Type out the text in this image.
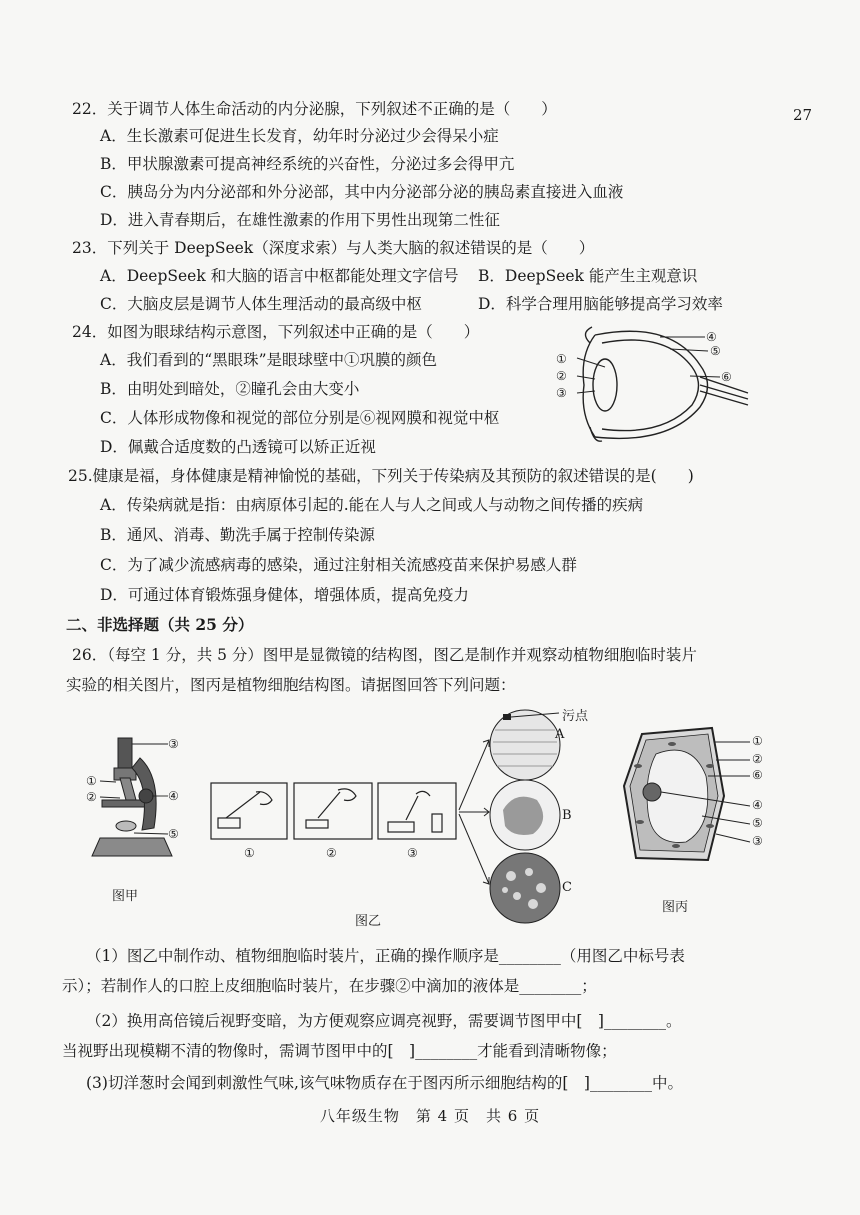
27
22．关于调节人体生命活动的内分泌腺，下列叙述不正确的是（　　）
A．生长激素可促进生长发育，幼年时分泌过少会得呆小症
B．甲状腺激素可提高神经系统的兴奋性，分泌过多会得甲亢
C．胰岛分为内分泌部和外分泌部，其中内分泌部分泌的胰岛素直接进入血液
D．进入青春期后，在雄性激素的作用下男性出现第二性征
23．下列关于 DeepSeek（深度求索）与人类大脑的叙述错误的是（　　）
A．DeepSeek 和大脑的语言中枢都能处理文字信号 B．DeepSeek 能产生主观意识
C．大脑皮层是调节人体生理活动的最高级中枢	D．科学合理用脑能够提高学习效率
24．如图为眼球结构示意图，下列叙述中正确的是（　　）
A．我们看到的“黑眼珠”是眼球壁中①巩膜的颜色
B．由明处到暗处，②瞳孔会由大变小
C．人体形成物像和视觉的部位分别是⑥视网膜和视觉中枢
D．佩戴合适度数的凸透镜可以矫正近视
①
②
③
④
⑤
⑥
25.健康是福，身体健康是精神愉悦的基础，下列关于传染病及其预防的叙述错误的是(　　)
A．传染病就是指：由病原体引起的.能在人与人之间或人与动物之间传播的疾病
B．通风、消毒、勤洗手属于控制传染源
C．为了减少流感病毒的感染，通过注射相关流感疫苗来保护易感人群
D．可通过体育锻炼强身健体，增强体质，提高免疫力
二、非选择题（共 25 分）
26．（每空 1 分，共 5 分）图甲是显微镜的结构图，图乙是制作并观察动植物细胞临时装片
实验的相关图片，图丙是植物细胞结构图。请据图回答下列问题：
③
①
②	④
⑤
图甲
①	②	③
污点
A
B
C
图乙
①
②
⑥
④
⑤
③
图丙
（1）图乙中制作动、植物细胞临时装片，正确的操作顺序是________（用图乙中标号表
示）；若制作人的口腔上皮细胞临时装片，在步骤②中滴加的液体是________；
（2）换用高倍镜后视野变暗，为方便观察应调亮视野，需要调节图甲中[　]________。
当视野出现模糊不清的物像时，需调节图甲中的[　]________才能看到清晰物像；
(3)切洋葱时会闻到刺激性气味,该气味物质存在于图丙所示细胞结构的[　]________中。
八年级生物　第 4 页　共 6 页
